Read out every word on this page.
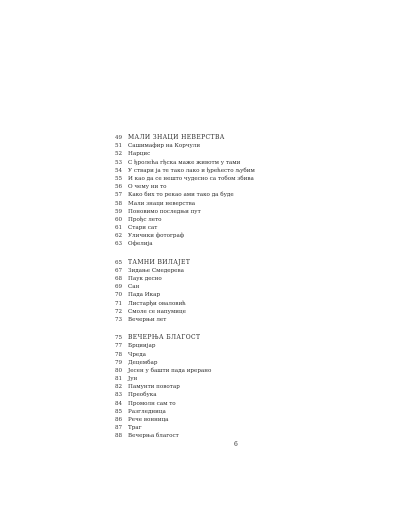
49 МАЛИ ЗНАЦИ НЕВЕРСТВА
51	Сашимафир на Корчули
52	Нарцис
53	С ђролећа гђска маже животм у тами
54	У ствари ја те тако лако и ђрећесто љубим
55	И као да се нешто чудесно са тобом збива
56	О чему ни то
57	Како бих то рекао ами тако да буде
58	Мали знаци неверства
59	Поновимо последњи пут
60	Прођс лето
61	Стари сат
62	Уличнки фотограф
63	Офелија
65 ТАМНИ ВИЛАЈЕТ
67	Зидање Смедерева
68	Паук десно
69	Сан
70	Пада Икар
71	Листарђи оваловић
72	Смоле се напумице
73	Вечерњи лет
75 ВЕЧЕРЊА БЛАГОСТ
77	Брциијар
78	Чреда
79	Децембар
80	Јесен у башти пада ирерано
81	Јун
82	Памунти повотар
83	Преобука
84	Промолн сам то
85	Разгледница
86	Рече вонница
87	Траг
88	Вечерња благост
6
